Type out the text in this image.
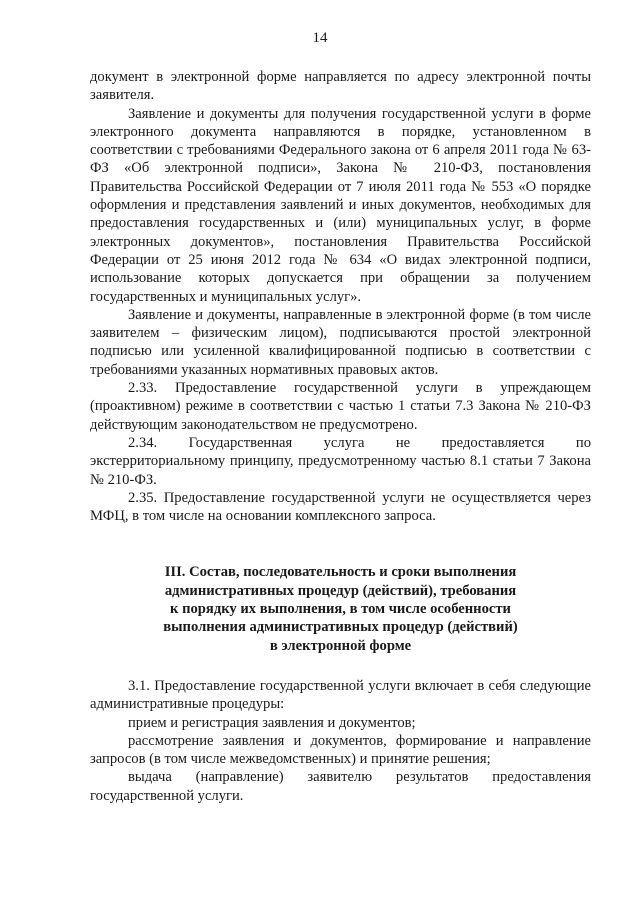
14

документ в электронной форме направляется по адресу электронной почты заявителя.

Заявление и документы для получения государственной услуги в форме электронного документа направляются в порядке, установленном в соответствии с требованиями Федерального закона от 6 апреля 2011 года № 63-ФЗ «Об электронной подписи», Закона № 210-ФЗ, постановления Правительства Российской Федерации от 7 июля 2011 года № 553 «О порядке оформления и представления заявлений и иных документов, необходимых для предоставления государственных и (или) муниципальных услуг, в форме электронных документов», постановления Правительства Российской Федерации от 25 июня 2012 года № 634 «О видах электронной подписи, использование которых допускается при обращении за получением государственных и муниципальных услуг».

Заявление и документы, направленные в электронной форме (в том числе заявителем – физическим лицом), подписываются простой электронной подписью или усиленной квалифицированной подписью в соответствии с требованиями указанных нормативных правовых актов.

2.33. Предоставление государственной услуги в упреждающем (проактивном) режиме в соответствии с частью 1 статьи 7.3 Закона № 210-ФЗ действующим законодательством не предусмотрено.

2.34. Государственная услуга не предоставляется по экстерриториальному принципу, предусмотренному частью 8.1 статьи 7 Закона № 210-ФЗ.

2.35. Предоставление государственной услуги не осуществляется через МФЦ, в том числе на основании комплексного запроса.

III. Состав, последовательность и сроки выполнения
административных процедур (действий), требования
к порядку их выполнения, в том числе особенности
выполнения административных процедур (действий)
в электронной форме

3.1. Предоставление государственной услуги включает в себя следующие административные процедуры:

прием и регистрация заявления и документов;

рассмотрение заявления и документов, формирование и направление запросов (в том числе межведомственных) и принятие решения;

выдача (направление) заявителю результатов предоставления государственной услуги.
